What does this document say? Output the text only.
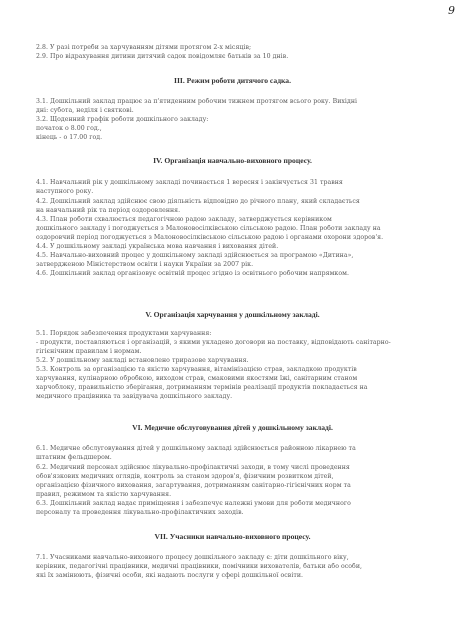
9
2.8. У разі потреби за харчуванням дітями протягом 2-х місяців;
2.9. Про відрахування дитини дитячий садок повідомляє батьків за 10 днів.
III. Режим роботи дитячого садка.
3.1. Дошкільний заклад працює за п'ятиденним робочим тижнем протягом всього року. Вихідні
дні: субота, неділя і святкові.
3.2. Щоденний графік роботи дошкільного закладу:
початок о 8.00 год.,
кінець - о 17.00 год.
IV. Організація навчально-виховного процесу.
4.1. Навчальний рік у дошкільному закладі починається 1 вересня і закінчується 31 травня
наступного року.
4.2. Дошкільний заклад здійснює свою діяльність відповідно до річного плану, який складається
на навчальний рік та період оздоровлення.
4.3. План роботи схвалюється педагогічною радою закладу, затверджується керівником
дошкільного закладу і погоджується з Малоновосілківською сільською радою. План роботи закладу на
оздоровчий період погоджується з Малоновосілківською сільською радою і органами охорони здоров'я.
4.4. У дошкільному закладі українська мова навчання і виховання дітей.
4.5. Навчально-виховний процес у дошкільному закладі здійснюється за програмою «Дитина»,
затвердженою Міністерством освіти і науки України за 2007 рік.
4.6. Дошкільний заклад організовує освітній процес згідно із освітнього робочим напрямком.
V. Організація харчування у дошкільному закладі.
5.1. Порядок забезпечення продуктами харчування:
- продукти, поставляються і організацій, з якими укладено договори на поставку, відповідають санітарно-
гігієнічним правилам і нормам.
5.2. У дошкільному закладі встановлено триразове харчування.
5.3. Контроль за організацією та якістю харчування, вітамінізацією страв, закладкою продуктів
харчування, кулінарною обробкою, виходом страв, смаковими якостями їжі, санітарним станом
харчоблоку, правильністю зберігання, дотриманням термінів реалізації продуктів покладається на
медичного працівника та завідувача дошкільного закладу.
VI. Медичне обслуговування дітей у дошкільному закладі.
6.1. Медичне обслуговування дітей у дошкільному закладі здійснюється районною лікарнею та
штатним фельдшером.
6.2. Медичний персонал здійснює лікувально-профілактичні заходи, в тому числі проведення
обов'язкових медичних оглядів, контроль за станом здоров'я, фізичним розвитком дітей,
організацією фізичного виховання, загартування, дотриманням санітарно-гігієнічних норм та
правил, режимом та якістю харчування.
6.3. Дошкільний заклад надає приміщення і забезпечує належні умови для роботи медичного
персоналу та проведення лікувально-профілактичних заходів.
VII. Учасники навчально-виховного процесу.
7.1. Учасниками навчально-виховного процесу дошкільного закладу є: діти дошкільного віку,
керівник, педагогічні працівники, медичні працівники, помічники вихователів, батьки або особи,
які їх замінюють, фізичні особи, які надають послуги у сфері дошкільної освіти.
